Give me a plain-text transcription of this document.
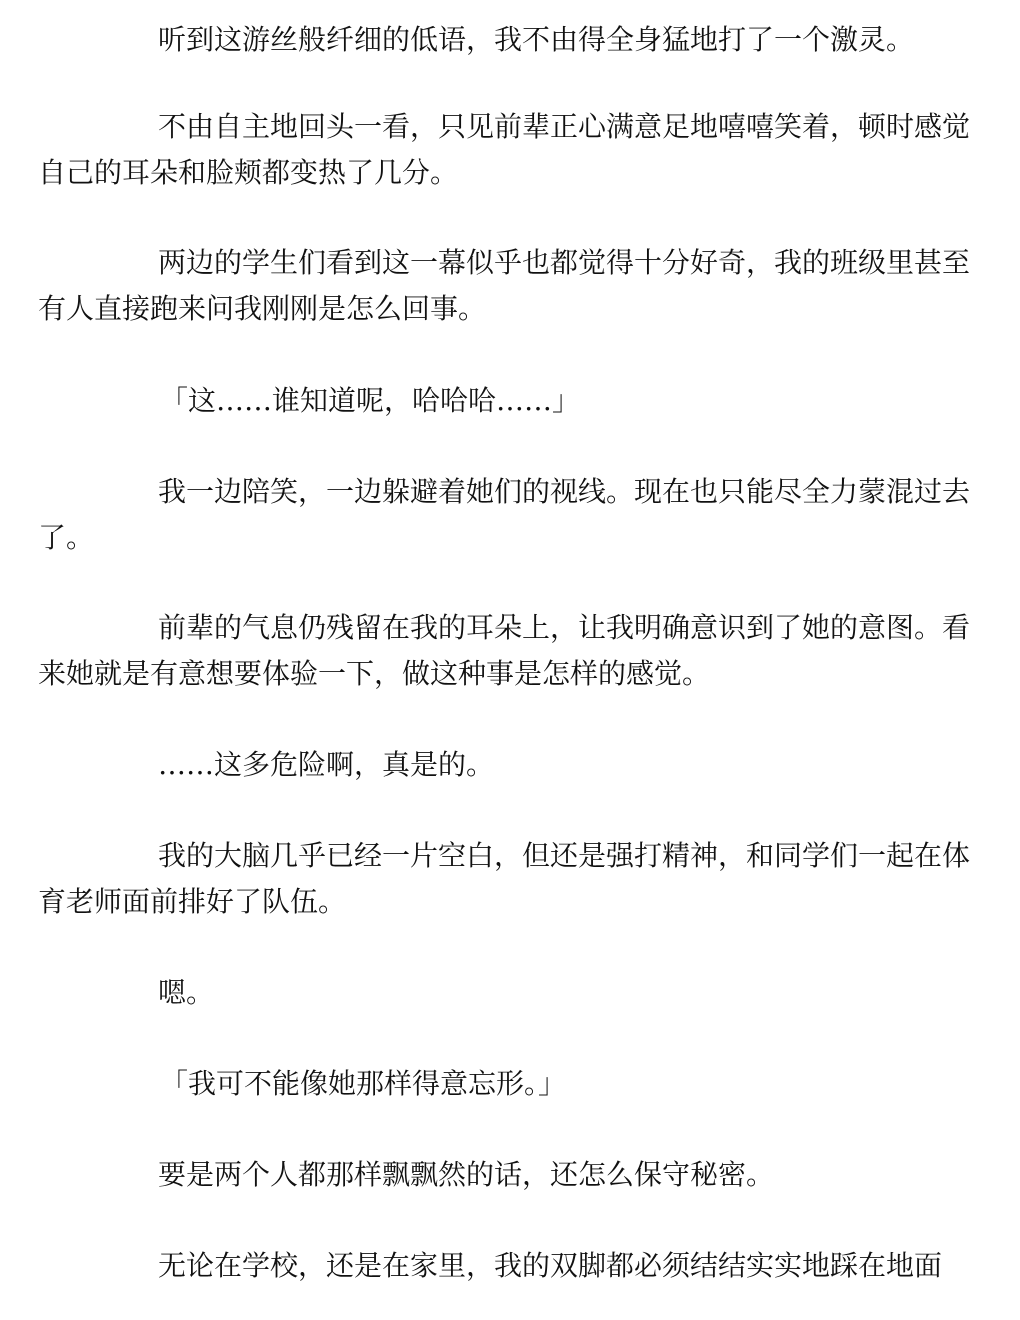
听到这游丝般纤细的低语，我不由得全身猛地打了一个激灵。

不由自主地回头一看，只见前辈正心满意足地嘻嘻笑着，顿时感觉自己的耳朵和脸颊都变热了几分。

两边的学生们看到这一幕似乎也都觉得十分好奇，我的班级里甚至有人直接跑来问我刚刚是怎么回事。

「这……谁知道呢，哈哈哈……」

我一边陪笑，一边躲避着她们的视线。现在也只能尽全力蒙混过去了。

前辈的气息仍残留在我的耳朵上，让我明确意识到了她的意图。看来她就是有意想要体验一下，做这种事是怎样的感觉。

……这多危险啊，真是的。

我的大脑几乎已经一片空白，但还是强打精神，和同学们一起在体育老师面前排好了队伍。

嗯。

「我可不能像她那样得意忘形。」

要是两个人都那样飘飘然的话，还怎么保守秘密。

无论在学校，还是在家里，我的双脚都必须结结实实地踩在地面
